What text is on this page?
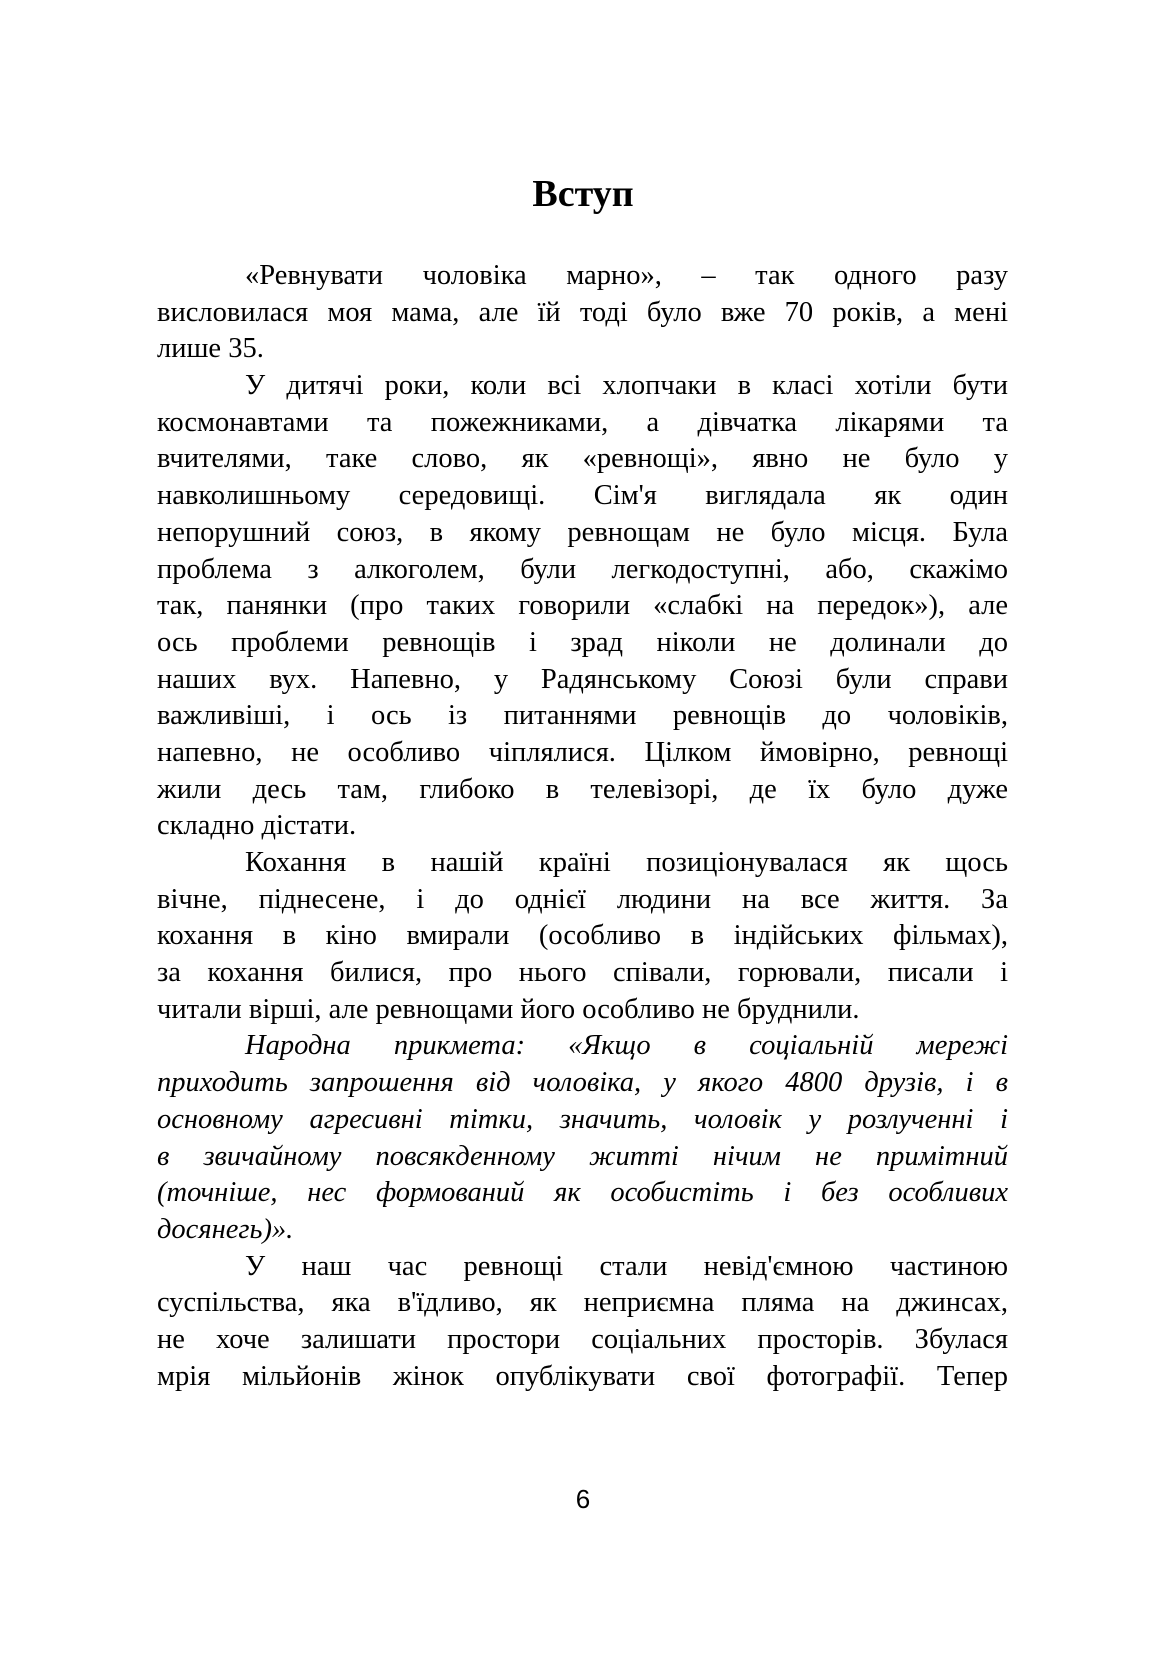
Вступ
«Ревнувати чоловіка марно», – так одного разу
висловилася моя мама, але їй тоді було вже 70 років, а мені
лише 35.
У дитячі роки, коли всі хлопчаки в класі хотіли бути
космонавтами та пожежниками, а дівчатка лікарями та
вчителями, таке слово, як «ревнощі», явно не було у
навколишньому середовищі. Сім'я виглядала як один
непорушний союз, в якому ревнощам не було місця. Була
проблема з алкоголем, були легкодоступні, або, скажімо
так, панянки (про таких говорили «слабкі на передок»), але
ось проблеми ревнощів і зрад ніколи не долинали до
наших вух. Напевно, у Радянському Союзі були справи
важливіші, і ось із питаннями ревнощів до чоловіків,
напевно, не особливо чіплялися. Цілком ймовірно, ревнощі
жили десь там, глибоко в телевізорі, де їх було дуже
складно дістати.
Кохання в нашій країні позиціонувалася як щось
вічне, піднесене, і до однієї людини на все життя. За
кохання в кіно вмирали (особливо в індійських фільмах),
за кохання билися, про нього співали, горювали, писали і
читали вірші, але ревнощами його особливо не бруднили.
Народна прикмета: «Якщо в соціальній мережі
приходить запрошення від чоловіка, у якого 4800 друзів, і в
основному агресивні тітки, значить, чоловік у розлученні і
в звичайному повсякденному житті нічим не примітний
(точніше, нес формований як особистіть і без особливих
досянегь)».
У наш час ревнощі стали невід'ємною частиною
суспільства, яка в'їдливо, як неприємна пляма на джинсах,
не хоче залишати простори соціальних просторів. Збулася
мрія мільйонів жінок опублікувати свої фотографії. Тепер
6
